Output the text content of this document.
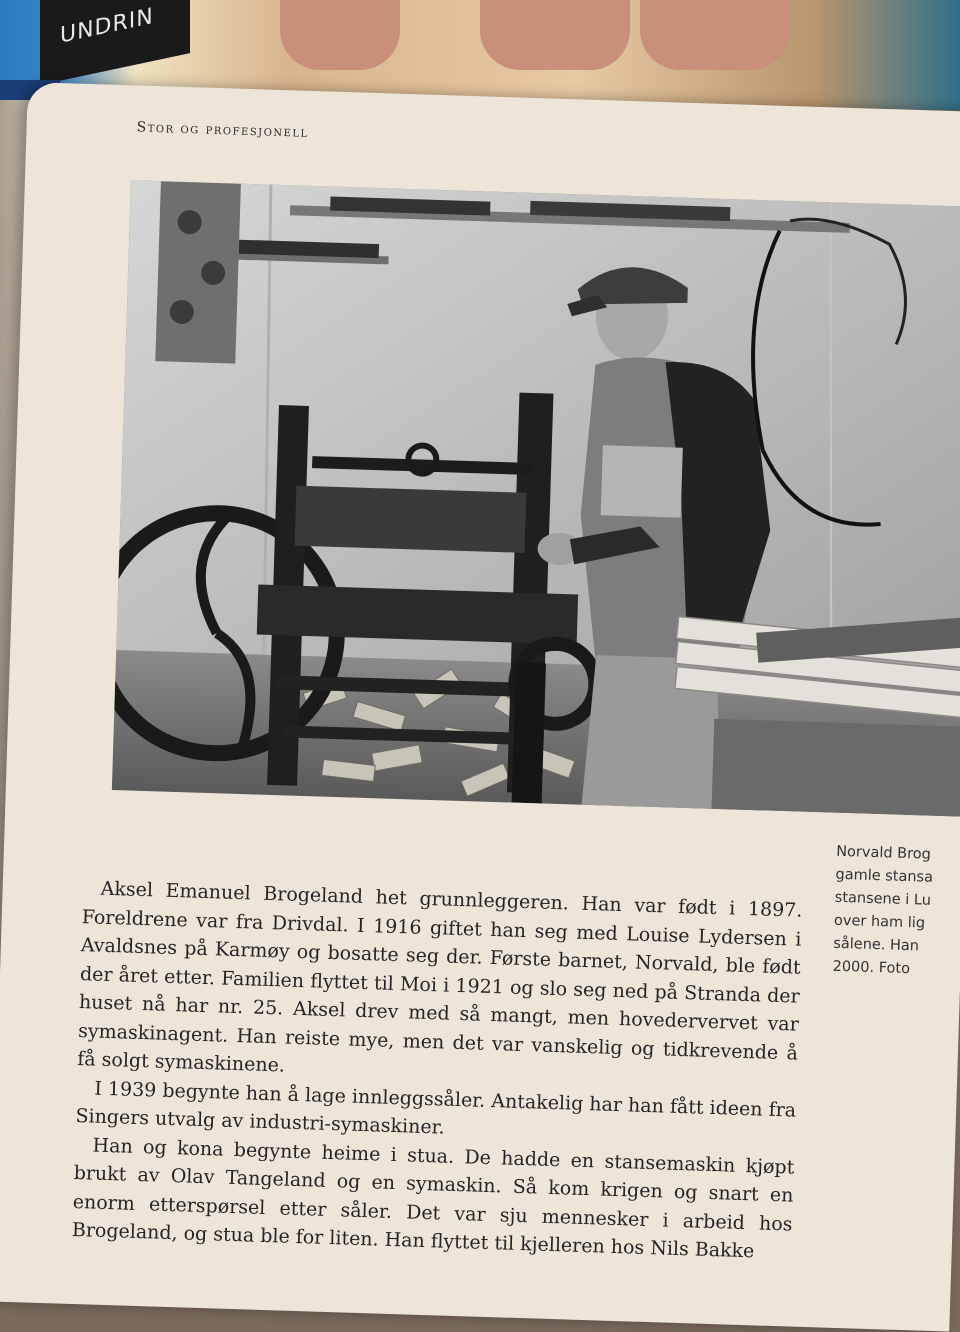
UNDRIN
Stor og profesjonell
Norvald Brog
gamle stansa
stansene i Lu
over ham lig
sålene. Han
2000. Foto

Aksel Emanuel Brogeland het grunnleggeren. Han var født i 1897. Foreldrene var fra Drivdal. I 1916 giftet han seg med Louise Lydersen i Avaldsnes på Karmøy og bosatte seg der. Første barnet, Norvald, ble født der året etter. Familien flyttet til Moi i 1921 og slo seg ned på Stranda der huset nå har nr. 25. Aksel drev med så mangt, men hovedervervet var symaskinagent. Han reiste mye, men det var vanskelig og tidkrevende å få solgt symaskinene.

I 1939 begynte han å lage innleggssåler. Antakelig har han fått ideen fra Singers utvalg av industri-symaskiner.

Han og kona begynte heime i stua. De hadde en stansemaskin kjøpt brukt av Olav Tangeland og en symaskin. Så kom krigen og snart en enorm etterspørsel etter såler. Det var sju mennesker i arbeid hos Brogeland, og stua ble for liten. Han flyttet til kjelleren hos Nils Bakke
